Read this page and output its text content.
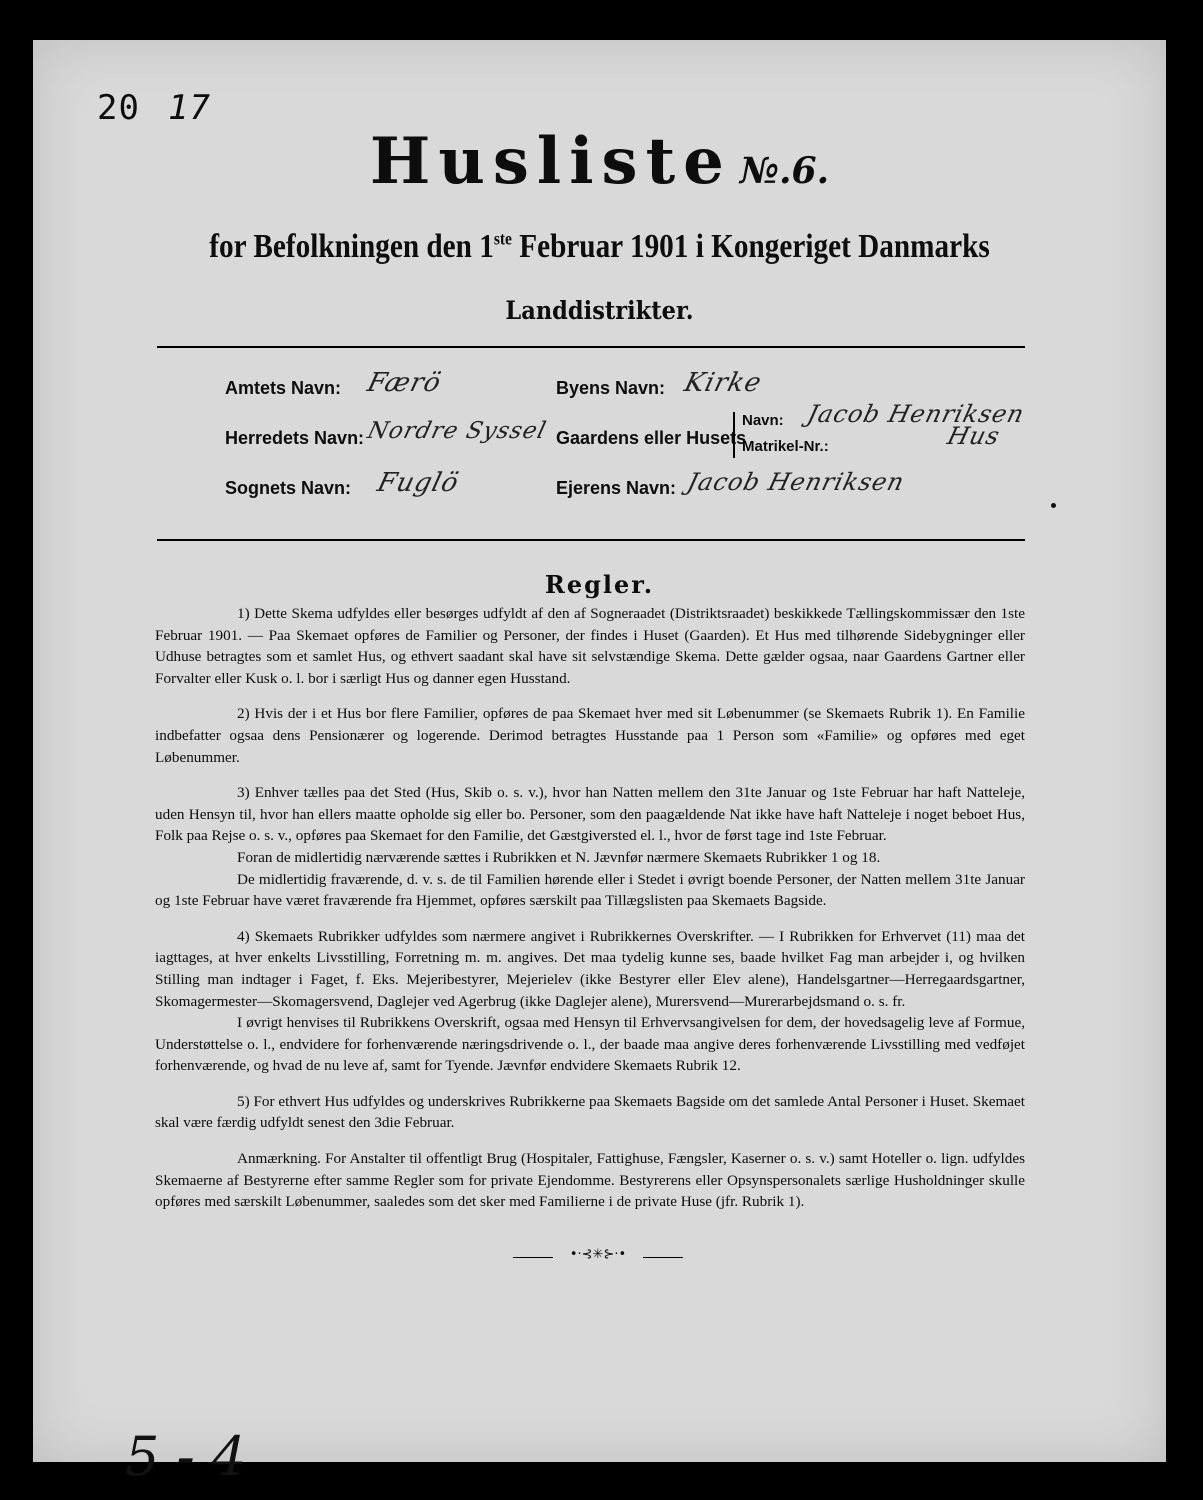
20 17
Husliste №.6.
for Befolkningen den 1ste Februar 1901 i Kongeriget Danmarks
Landdistrikter.
Amtets Navn: Færö	Byens Navn: Kirke
Herredets Navn: Nordre Syssel Gaardens eller Husets
Navn: Jacob Henriksen
Matrikel-Nr.:	Hus
Sognets Navn: Fuglö	Ejerens Navn: Jacob Henriksen
Regler.

1) Dette Skema udfyldes eller besørges udfyldt af den af Sogneraadet (Distriktsraadet) beskikkede Tællingskommissær den 1ste Februar 1901. — Paa Skemaet opføres de Familier og Personer, der findes i Huset (Gaarden). Et Hus med tilhørende Sidebygninger eller Udhuse betragtes som et samlet Hus, og ethvert saadant skal have sit selvstændige Skema. Dette gælder ogsaa, naar Gaardens Gartner eller Forvalter eller Kusk o. l. bor i særligt Hus og danner egen Husstand.

2) Hvis der i et Hus bor flere Familier, opføres de paa Skemaet hver med sit Løbenummer (se Skemaets Rubrik 1). En Familie indbefatter ogsaa dens Pensionærer og logerende. Derimod betragtes Husstande paa 1 Person som «Familie» og opføres med eget Løbenummer.

3) Enhver tælles paa det Sted (Hus, Skib o. s. v.), hvor han Natten mellem den 31te Januar og 1ste Februar har haft Natteleje, uden Hensyn til, hvor han ellers maatte opholde sig eller bo. Personer, som den paagældende Nat ikke have haft Natteleje i noget beboet Hus, Folk paa Rejse o. s. v., opføres paa Skemaet for den Familie, det Gæstgiversted el. l., hvor de først tage ind 1ste Februar.

Foran de midlertidig nærværende sættes i Rubrikken et N. Jævnfør nærmere Skemaets Rubrikker 1 og 18.

De midlertidig fraværende, d. v. s. de til Familien hørende eller i Stedet i øvrigt boende Personer, der Natten mellem 31te Januar og 1ste Februar have været fraværende fra Hjemmet, opføres særskilt paa Tillægslisten paa Skemaets Bagside.

4) Skemaets Rubrikker udfyldes som nærmere angivet i Rubrikkernes Overskrifter. — I Rubrikken for Erhvervet (11) maa det iagttages, at hver enkelts Livsstilling, Forretning m. m. angives. Det maa tydelig kunne ses, baade hvilket Fag man arbejder i, og hvilken Stilling man indtager i Faget, f. Eks. Mejeribestyrer, Mejerielev (ikke Bestyrer eller Elev alene), Handelsgartner—Herregaardsgartner, Skomagermester—Skomagersvend, Daglejer ved Agerbrug (ikke Daglejer alene), Murersvend—Murerarbejdsmand o. s. fr.

I øvrigt henvises til Rubrikkens Overskrift, ogsaa med Hensyn til Erhvervsangivelsen for dem, der hovedsagelig leve af Formue, Understøttelse o. l., endvidere for forhenværende næringsdrivende o. l., der baade maa angive deres forhenværende Livsstilling med vedføjet forhenværende, og hvad de nu leve af, samt for Tyende. Jævnfør endvidere Skemaets Rubrik 12.

5) For ethvert Hus udfyldes og underskrives Rubrikkerne paa Skemaets Bagside om det samlede Antal Personer i Huset. Skemaet skal være færdig udfyldt senest den 3die Februar.

Anmærkning. For Anstalter til offentligt Brug (Hospitaler, Fattighuse, Fængsler, Kaserner o. s. v.) samt Hoteller o. lign. udfyldes Skemaerne af Bestyrerne efter samme Regler som for private Ejendomme. Bestyrerens eller Opsynspersonalets særlige Husholdninger skulle opføres med særskilt Løbenummer, saaledes som det sker med Familierne i de private Huse (jfr. Rubrik 1).

•·⊰✳⊱·•
5 - 4
